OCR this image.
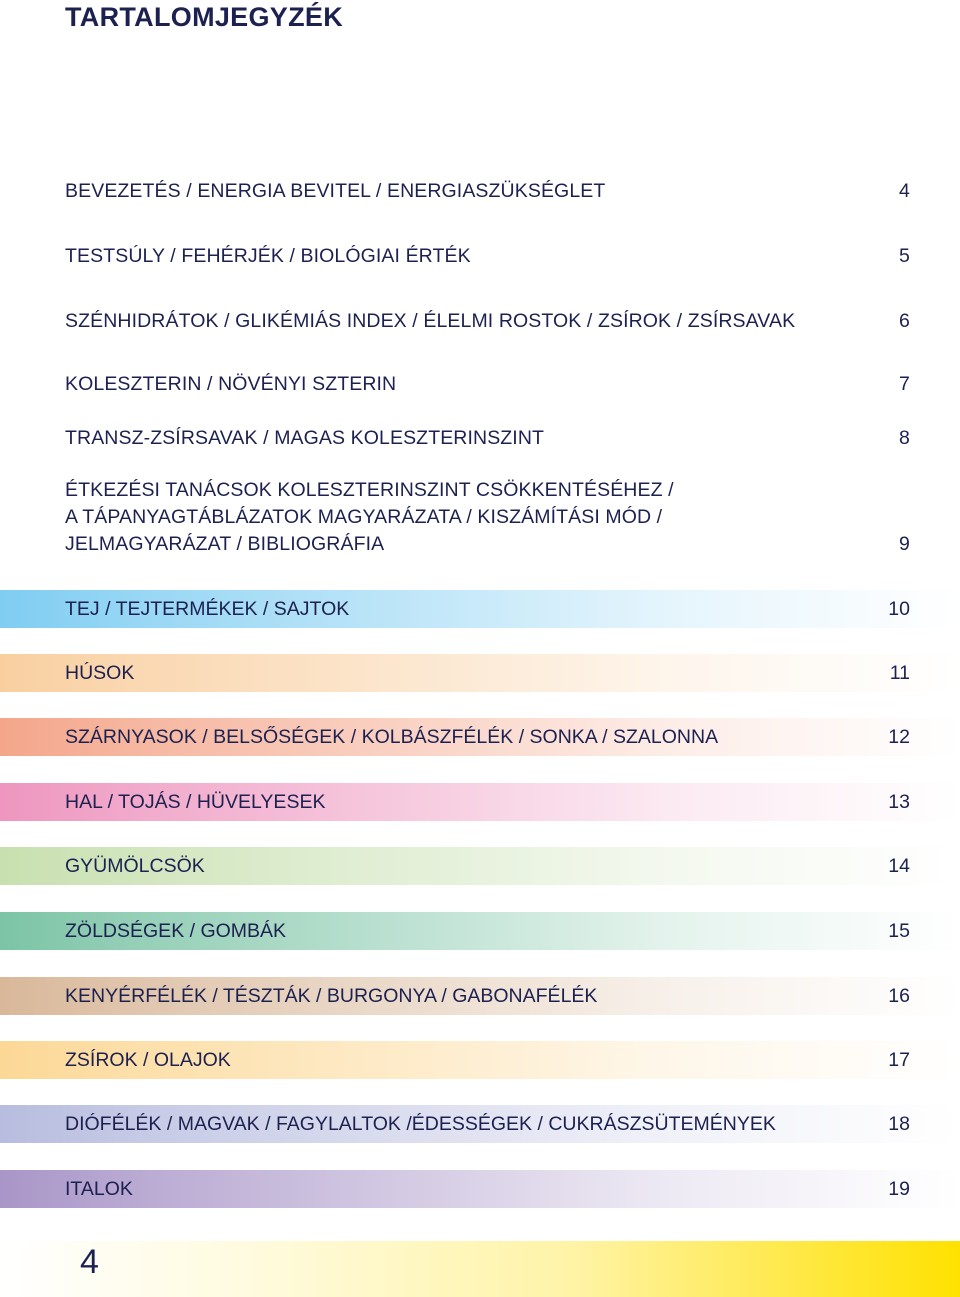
TARTALOMJEGYZÉK
BEVEZETÉS / ENERGIA BEVITEL / ENERGIASZÜKSÉGLET	4
TESTSÚLY / FEHÉRJÉK / BIOLÓGIAI ÉRTÉK	5
SZÉNHIDRÁTOK / GLIKÉMIÁS INDEX / ÉLELMI ROSTOK / ZSÍROK / ZSÍRSAVAK	6
KOLESZTERIN / NÖVÉNYI SZTERIN	7
TRANSZ-ZSÍRSAVAK / MAGAS KOLESZTERINSZINT	8
ÉTKEZÉSI TANÁCSOK KOLESZTERINSZINT CSÖKKENTÉSÉHEZ /
A TÁPANYAGTÁBLÁZATOK MAGYARÁZATA / KISZÁMÍTÁSI MÓD /
JELMAGYARÁZAT / BIBLIOGRÁFIA	9
TEJ / TEJTERMÉKEK / SAJTOK	10
HÚSOK	11
SZÁRNYASOK / BELSŐSÉGEK / KOLBÁSZFÉLÉK / SONKA / SZALONNA	12
HAL / TOJÁS / HÜVELYESEK	13
GYÜMÖLCSÖK	14
ZÖLDSÉGEK / GOMBÁK	15
KENYÉRFÉLÉK / TÉSZTÁK / BURGONYA / GABONAFÉLÉK	16
ZSÍROK / OLAJOK	17
DIÓFÉLÉK / MAGVAK / FAGYLALTOK /ÉDESSÉGEK / CUKRÁSZSÜTEMÉNYEK	18
ITALOK	19
4
